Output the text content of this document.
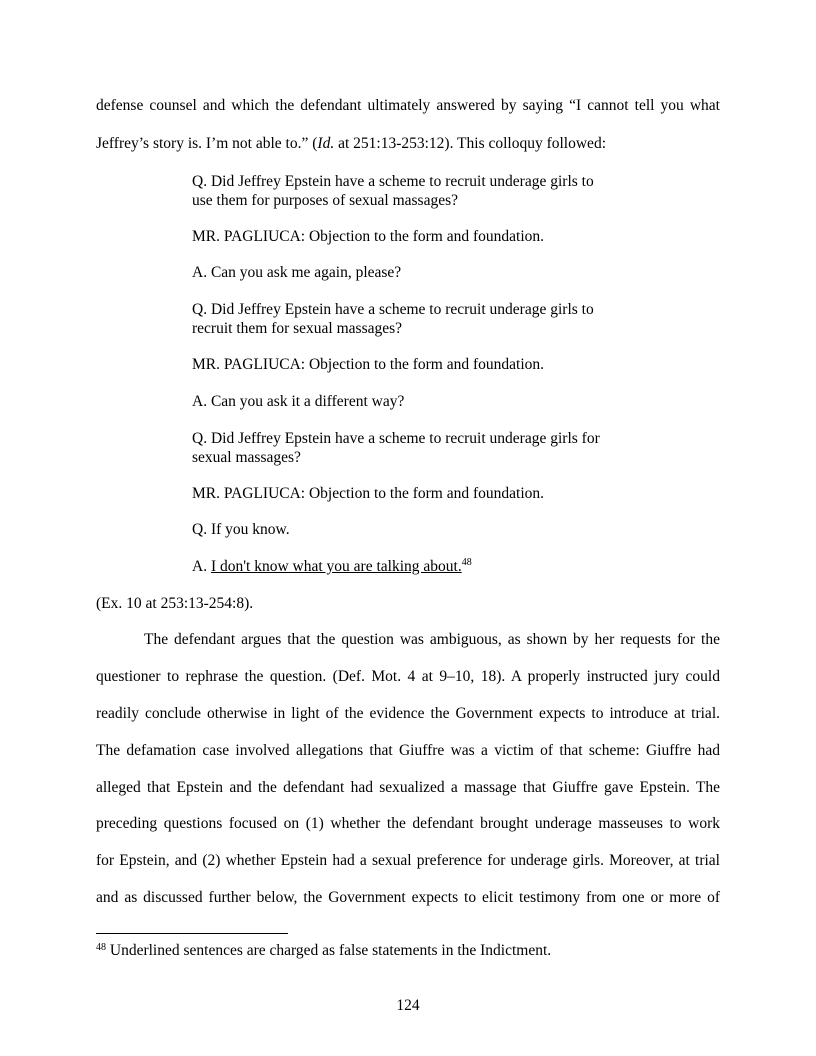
defense counsel and which the defendant ultimately answered by saying “I cannot tell you what
Jeffrey’s story is. I’m not able to.” (Id. at 251:13-253:12). This colloquy followed:
Q. Did Jeffrey Epstein have a scheme to recruit underage girls to
use them for purposes of sexual massages?
MR. PAGLIUCA: Objection to the form and foundation.
A. Can you ask me again, please?
Q. Did Jeffrey Epstein have a scheme to recruit underage girls to
recruit them for sexual massages?
MR. PAGLIUCA: Objection to the form and foundation.
A. Can you ask it a different way?
Q. Did Jeffrey Epstein have a scheme to recruit underage girls for
sexual massages?
MR. PAGLIUCA: Objection to the form and foundation.
Q. If you know.
A. I don't know what you are talking about.$^{48}$
(Ex. 10 at 253:13-254:8).
The defendant argues that the question was ambiguous, as shown by her requests for the
questioner to rephrase the question. (Def. Mot. 4 at 9–10, 18). A properly instructed jury could
readily conclude otherwise in light of the evidence the Government expects to introduce at trial.
The defamation case involved allegations that Giuffre was a victim of that scheme: Giuffre had
alleged that Epstein and the defendant had sexualized a massage that Giuffre gave Epstein. The
preceding questions focused on (1) whether the defendant brought underage masseuses to work
for Epstein, and (2) whether Epstein had a sexual preference for underage girls. Moreover, at trial
and as discussed further below, the Government expects to elicit testimony from one or more of
$^{48}$ Underlined sentences are charged as false statements in the Indictment.
124
